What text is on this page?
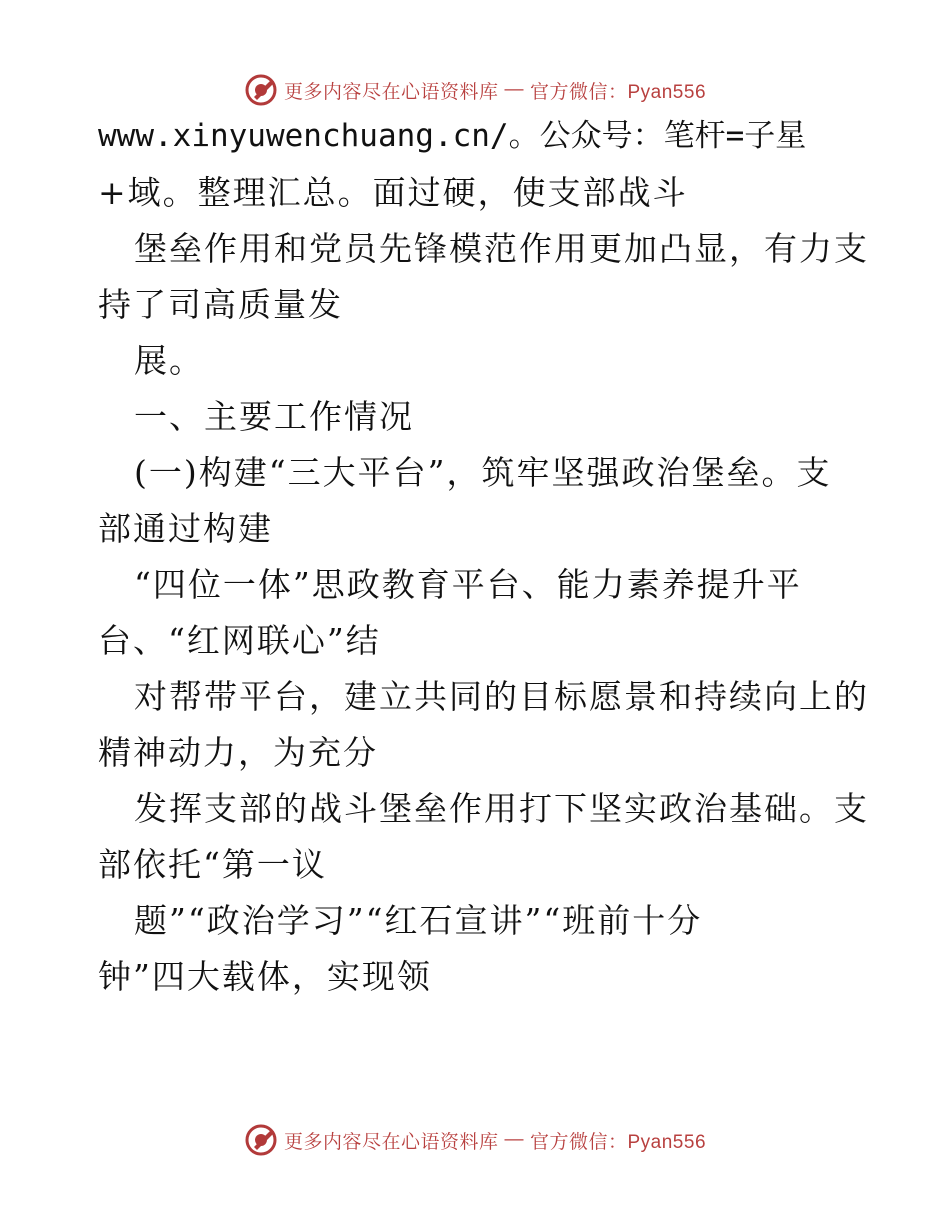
更多内容尽在心语资料库 — 官方微信：Pyan556
www.xinyuwenchuang.cn/。公众号：笔杆=子星
+域。整理汇总。面过硬，使支部战斗
堡垒作用和党员先锋模范作用更加凸显，有力支
持了司高质量发
展。
一、主要工作情况
(一)构建“三大平台”，筑牢坚强政治堡垒。支
部通过构建
“四位一体”思政教育平台、能力素养提升平
台、“红网联心”结
对帮带平台，建立共同的目标愿景和持续向上的
精神动力，为充分
发挥支部的战斗堡垒作用打下坚实政治基础。支
部依托“第一议
题”“政治学习”“红石宣讲”“班前十分
钟”四大载体，实现领
更多内容尽在心语资料库 — 官方微信：Pyan556
